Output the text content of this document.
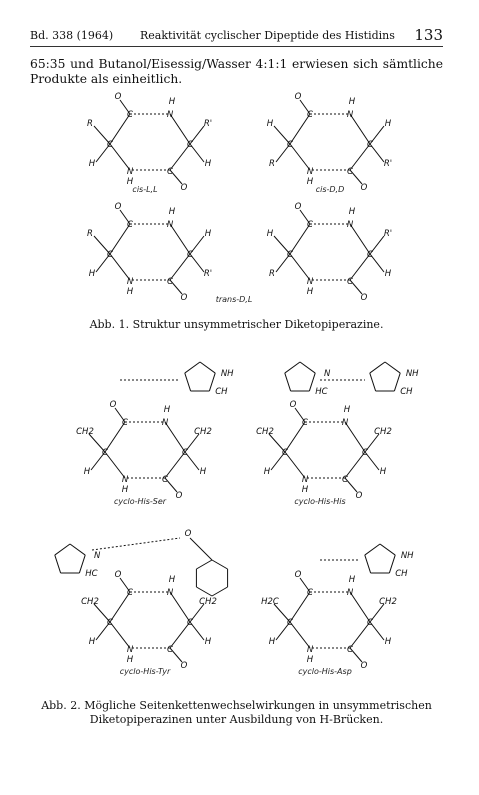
Bd. 338 (1964) Reaktivität cyclischer Dipeptide des Histidins 133
65:35 und Butanol/Eisessig/Wasser 4:1:1 erwiesen sich sämtliche Produkte als einheitlich.
C	N
N	C
C
C
O
O
H
H
R
H
R'
H
C	N
N	C
C
C
O
O
H
H
H
R
H
R'
C	N
N	C
C
C
O
O
H
H
R
H
H
R'
C	N
N	C
C
C
O
O
H
H
H
R
R'
H
cis-L,L	cis-D,D
trans-D,L
Abb. 1. Struktur unsymmetrischer Diketopiperazine.
C	N
N	C
C
C
O
O
H
H
CH2
H
CH2
H
C	N
N	C
C
C
O
O
H
H
CH2
H
CH2
H
C	N
N	C
C
C
O
O
H
H
CH2
H
CH2
H
C	N
N	C
C
C
O
O
H
H
H2C
H
CH2
H
NH
CH
N
HC
NH
CH
N
HC
NH
CH
O
cyclo-His-Ser	cyclo-His-His
cyclo-His-Tyr	cyclo-His-Asp
Abb. 2. Mögliche Seitenkettenwechselwirkungen in unsymmetrischen Diketopiperazinen unter Ausbildung von H-Brücken.
